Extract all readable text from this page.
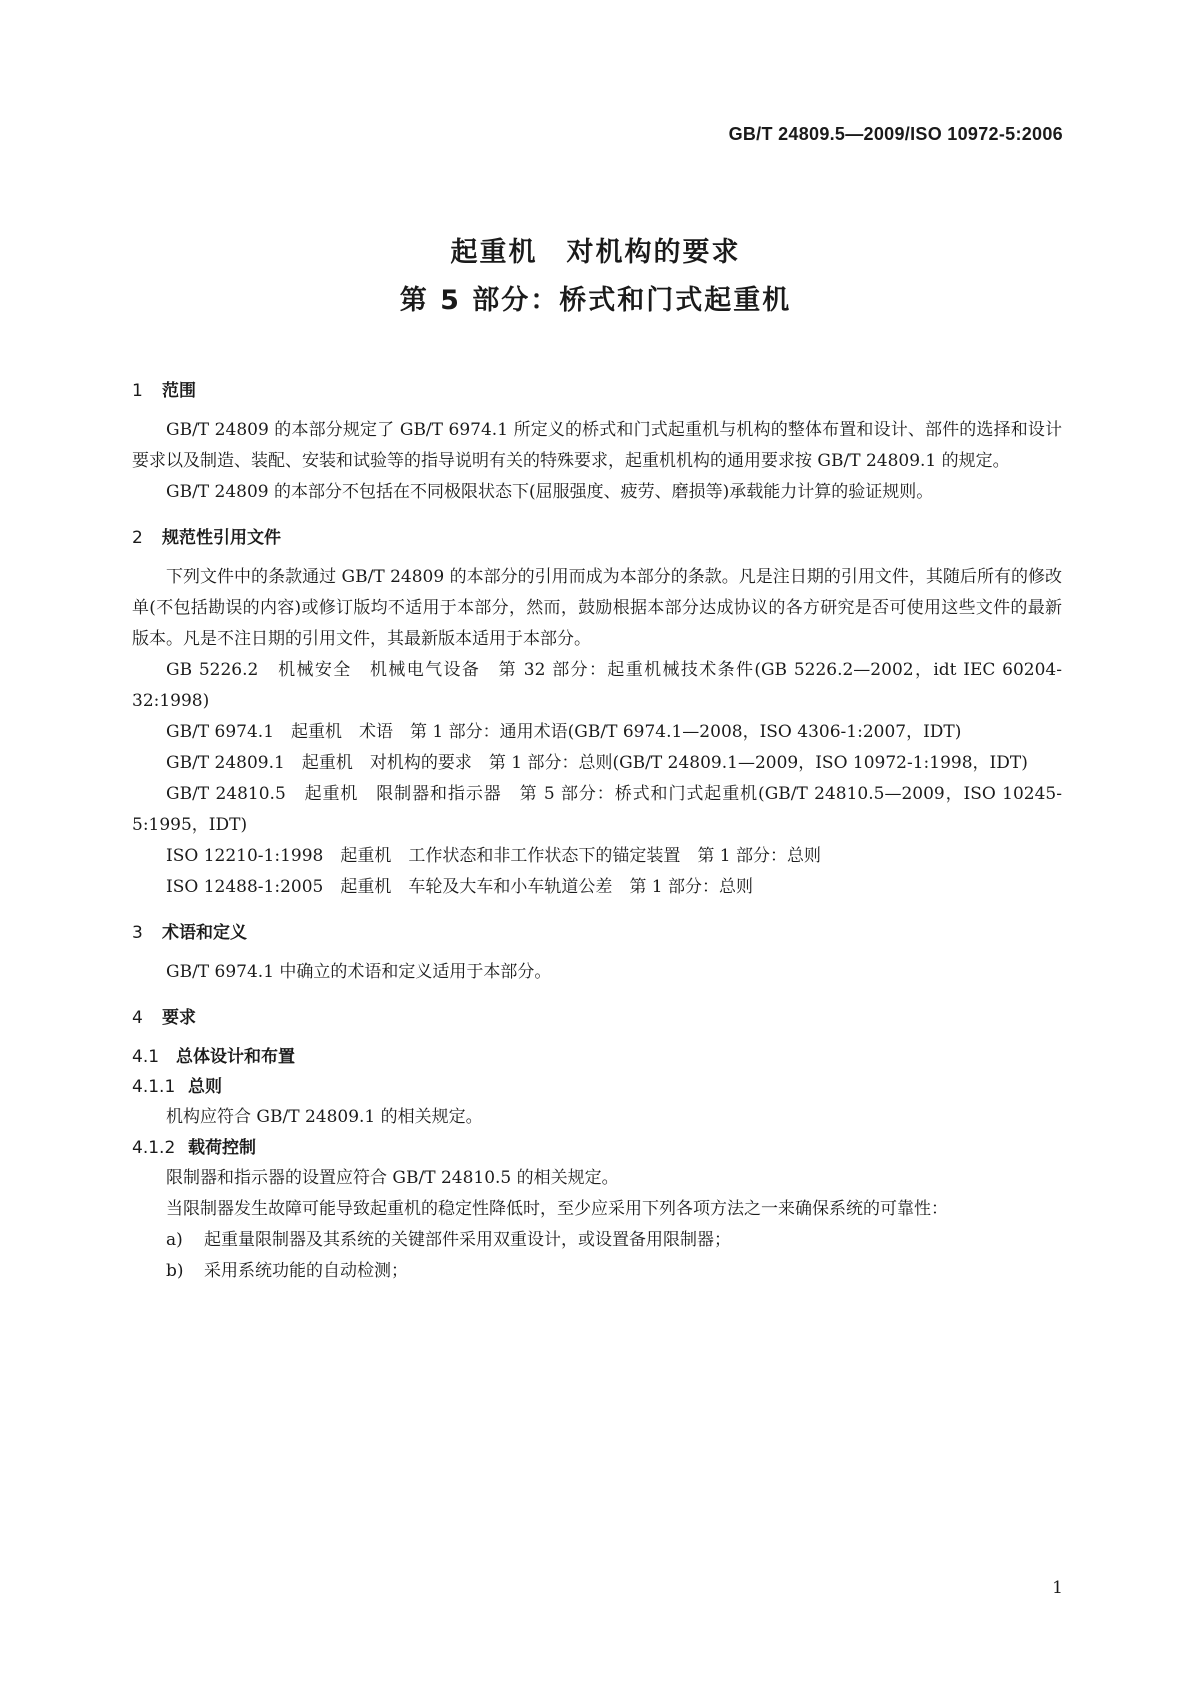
GB/T 24809.5—2009/ISO 10972-5:2006
起重机　对机构的要求
第 5 部分：桥式和门式起重机
1 范围

GB/T 24809 的本部分规定了 GB/T 6974.1 所定义的桥式和门式起重机与机构的整体布置和设计、部件的选择和设计要求以及制造、装配、安装和试验等的指导说明有关的特殊要求，起重机机构的通用要求按 GB/T 24809.1 的规定。

GB/T 24809 的本部分不包括在不同极限状态下(屈服强度、疲劳、磨损等)承载能力计算的验证规则。

2 规范性引用文件

下列文件中的条款通过 GB/T 24809 的本部分的引用而成为本部分的条款。凡是注日期的引用文件，其随后所有的修改单(不包括勘误的内容)或修订版均不适用于本部分，然而，鼓励根据本部分达成协议的各方研究是否可使用这些文件的最新版本。凡是不注日期的引用文件，其最新版本适用于本部分。

GB 5226.2　机械安全　机械电气设备　第 32 部分：起重机械技术条件(GB 5226.2—2002，idt IEC 60204-32:1998)

GB/T 6974.1　起重机　术语　第 1 部分：通用术语(GB/T 6974.1—2008，ISO 4306-1:2007，IDT)

GB/T 24809.1　起重机　对机构的要求　第 1 部分：总则(GB/T 24809.1—2009，ISO 10972-1:1998，IDT)

GB/T 24810.5　起重机　限制器和指示器　第 5 部分：桥式和门式起重机(GB/T 24810.5—2009，ISO 10245-5:1995，IDT)

ISO 12210-1:1998　起重机　工作状态和非工作状态下的锚定装置　第 1 部分：总则

ISO 12488-1:2005　起重机　车轮及大车和小车轨道公差　第 1 部分：总则

3 术语和定义

GB/T 6974.1 中确立的术语和定义适用于本部分。

4 要求
4.1 总体设计和布置
4.1.1 总则

机构应符合 GB/T 24809.1 的相关规定。

4.1.2 载荷控制

限制器和指示器的设置应符合 GB/T 24810.5 的相关规定。

当限制器发生故障可能导致起重机的稳定性降低时，至少应采用下列各项方法之一来确保系统的可靠性：

a) 起重量限制器及其系统的关键部件采用双重设计，或设置备用限制器；
b) 采用系统功能的自动检测；
1
